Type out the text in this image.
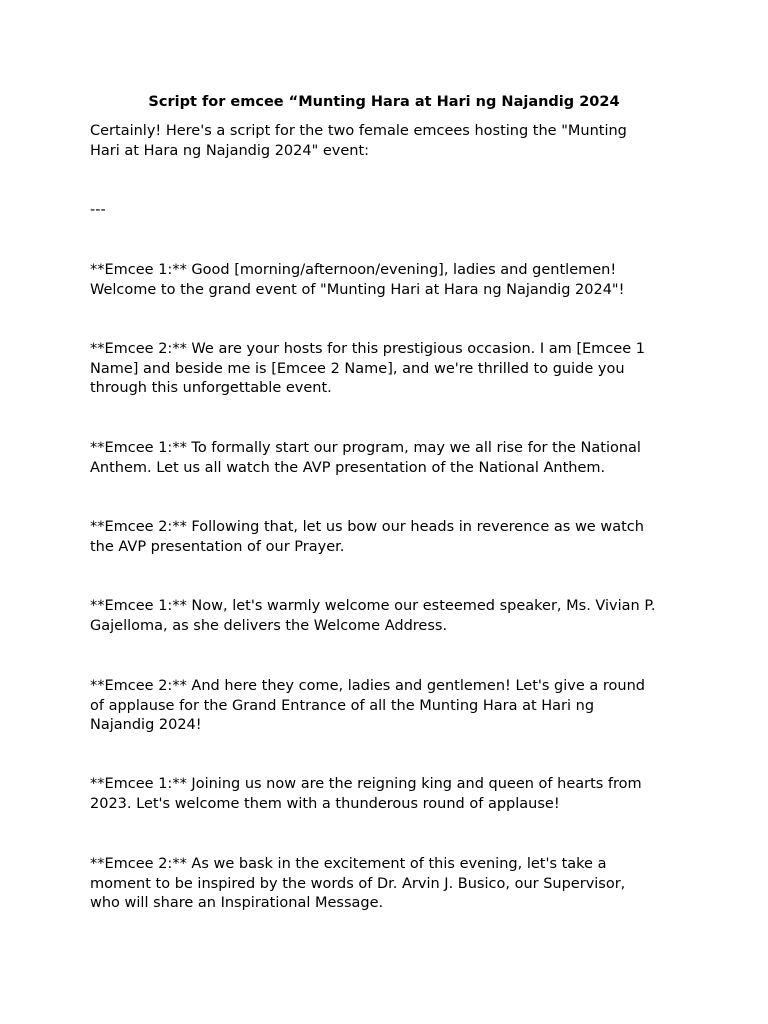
Script for emcee “Munting Hara at Hari ng Najandig 2024

Certainly! Here's a script for the two female emcees hosting the "Munting
Hari at Hara ng Najandig 2024" event:

---

**Emcee 1:** Good [morning/afternoon/evening], ladies and gentlemen!
Welcome to the grand event of "Munting Hari at Hara ng Najandig 2024"!

**Emcee 2:** We are your hosts for this prestigious occasion. I am [Emcee 1
Name] and beside me is [Emcee 2 Name], and we're thrilled to guide you
through this unforgettable event.

**Emcee 1:** To formally start our program, may we all rise for the National
Anthem. Let us all watch the AVP presentation of the National Anthem.

**Emcee 2:** Following that, let us bow our heads in reverence as we watch
the AVP presentation of our Prayer.

**Emcee 1:** Now, let's warmly welcome our esteemed speaker, Ms. Vivian P.
Gajelloma, as she delivers the Welcome Address.

**Emcee 2:** And here they come, ladies and gentlemen! Let's give a round
of applause for the Grand Entrance of all the Munting Hara at Hari ng
Najandig 2024!

**Emcee 1:** Joining us now are the reigning king and queen of hearts from
2023. Let's welcome them with a thunderous round of applause!

**Emcee 2:** As we bask in the excitement of this evening, let's take a
moment to be inspired by the words of Dr. Arvin J. Busico, our Supervisor,
who will share an Inspirational Message.
